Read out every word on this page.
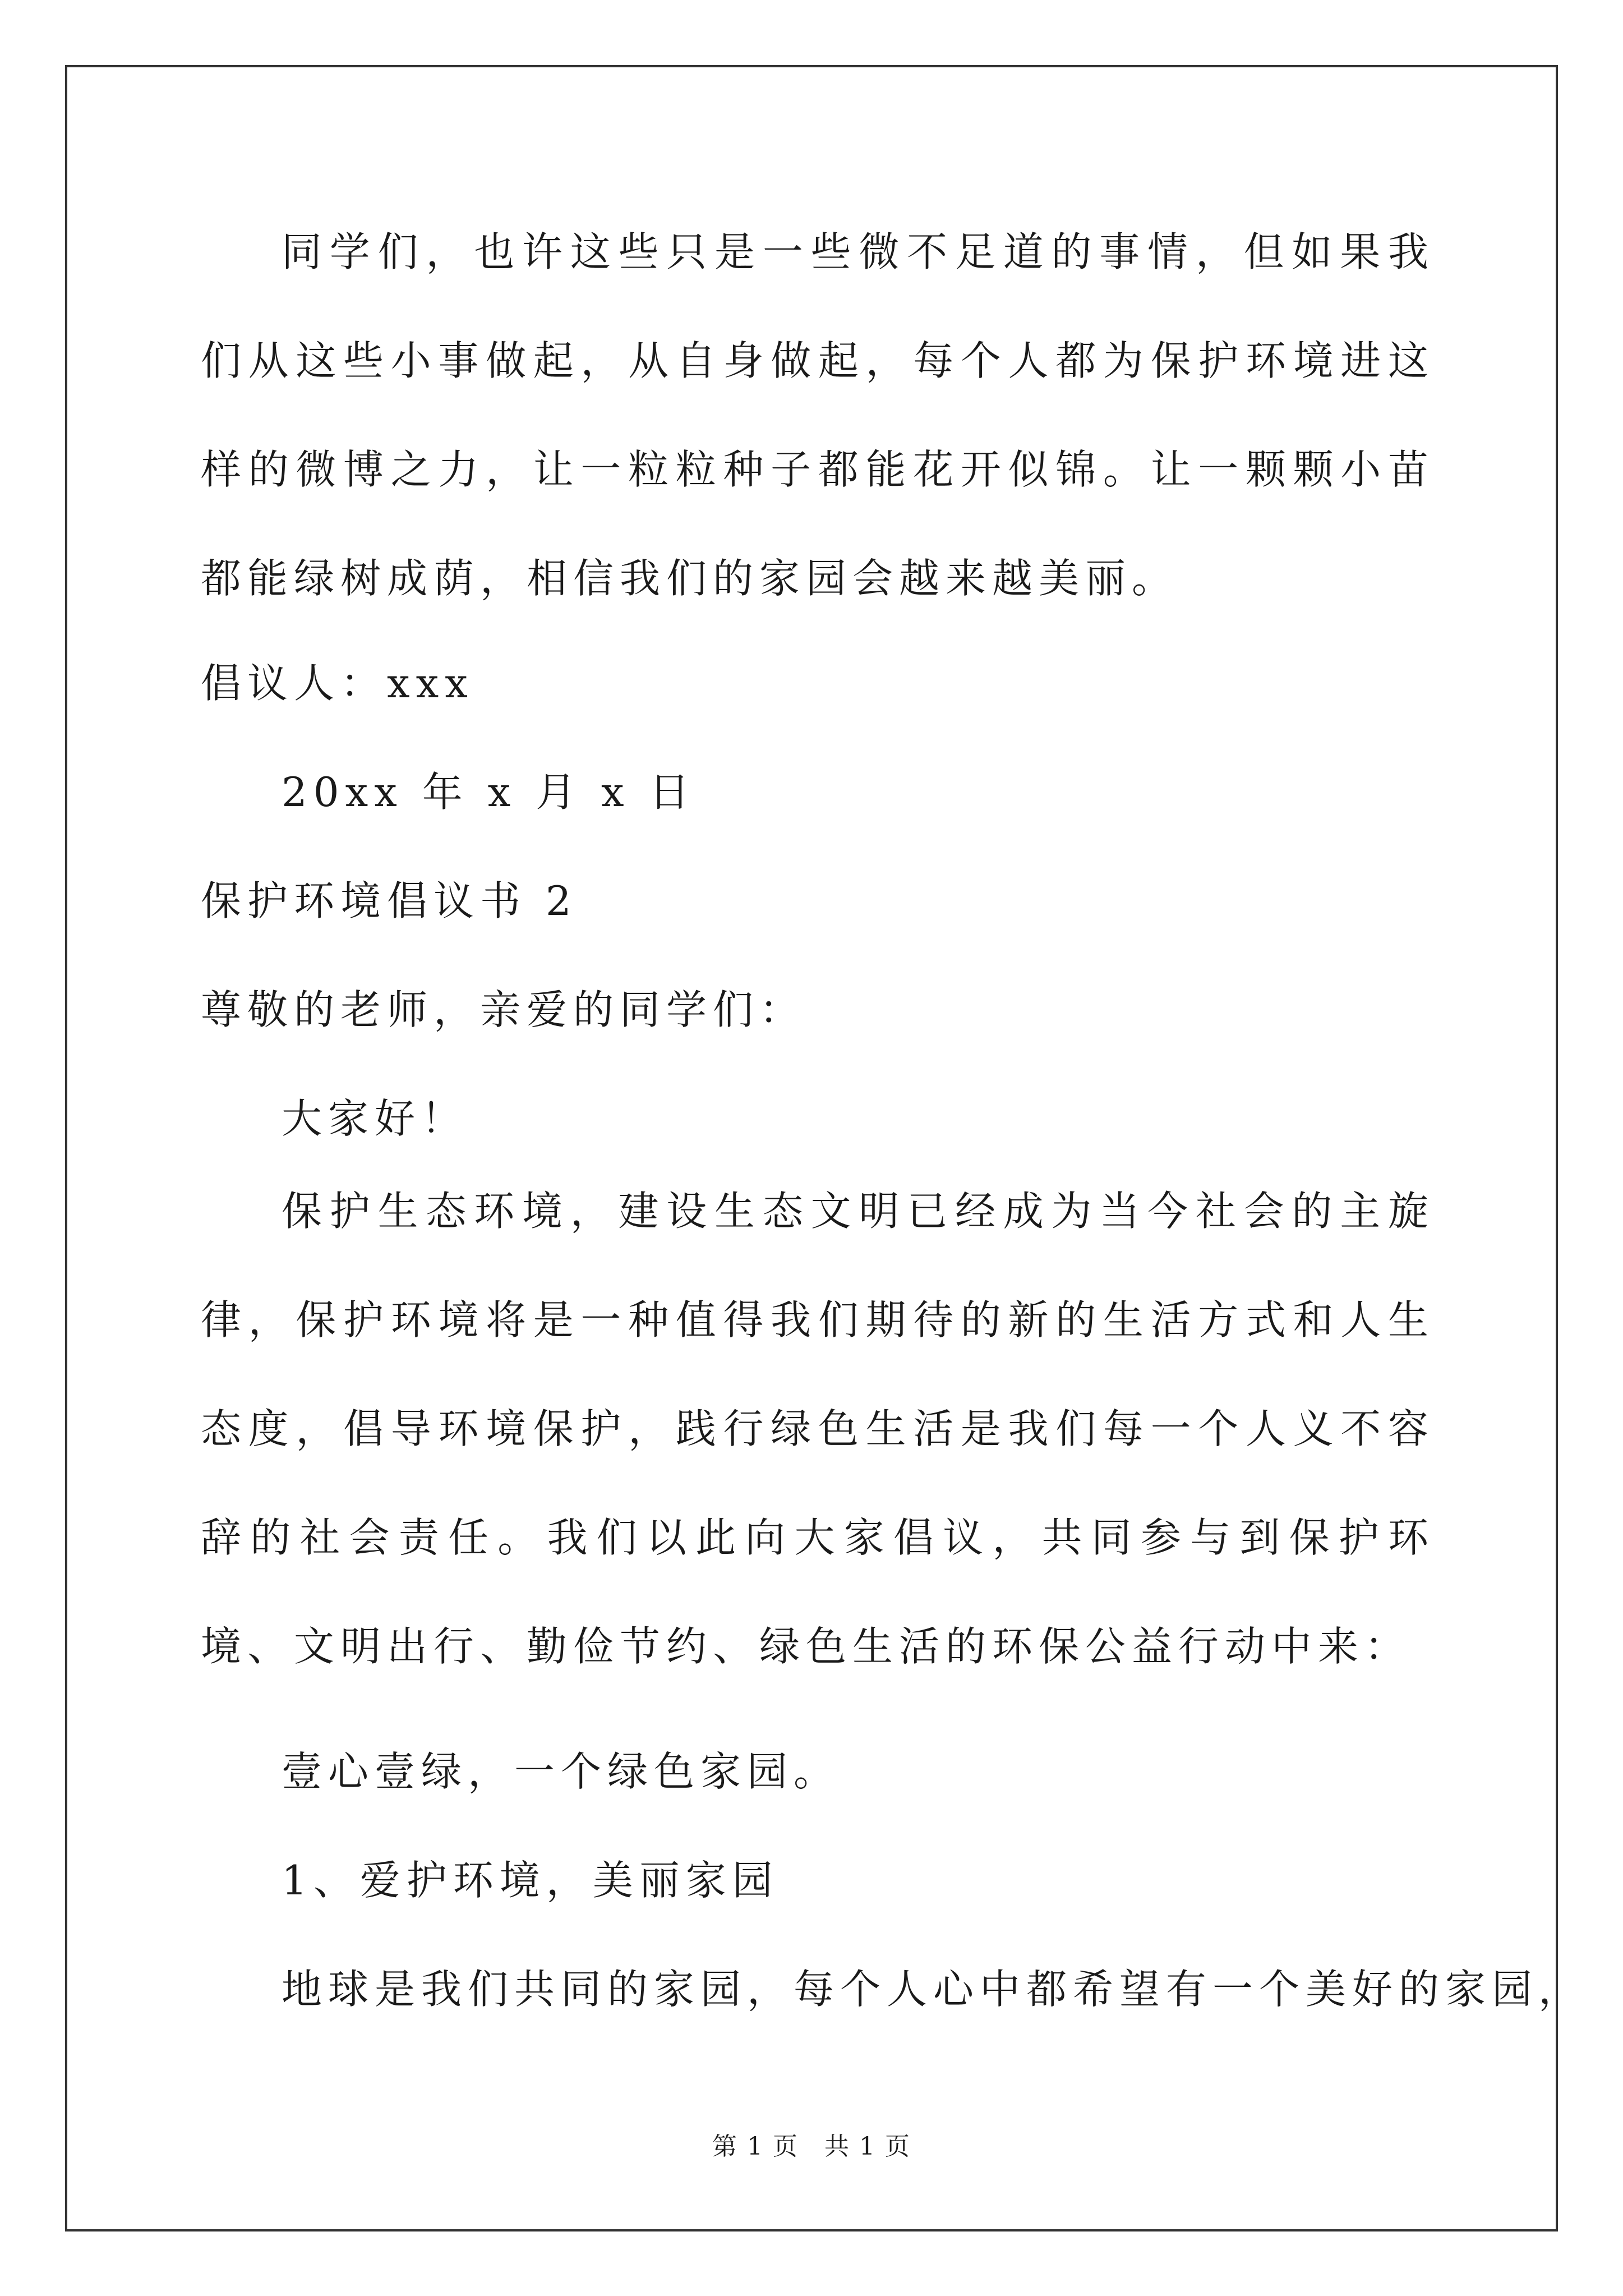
同学们，也许这些只是一些微不足道的事情，但如果我们从这些小事做起，从自身做起，每个人都为保护环境进这样的微博之力，让一粒粒种子都能花开似锦。让一颗颗小苗都能绿树成荫，相信我们的家园会越来越美丽。
倡议人：xxx
20xx 年 x 月 x 日
保护环境倡议书 2
尊敬的老师，亲爱的同学们：
大家好！
保护生态环境，建设生态文明已经成为当今社会的主旋律，保护环境将是一种值得我们期待的新的生活方式和人生态度，倡导环境保护，践行绿色生活是我们每一个人义不容辞的社会责任。我们以此向大家倡议，共同参与到保护环境、文明出行、勤俭节约、绿色生活的环保公益行动中来：
壹心壹绿，一个绿色家园。
1、爱护环境，美丽家园
地球是我们共同的家园，每个人心中都希望有一个美好的家园，
第 1 页　共 1 页
